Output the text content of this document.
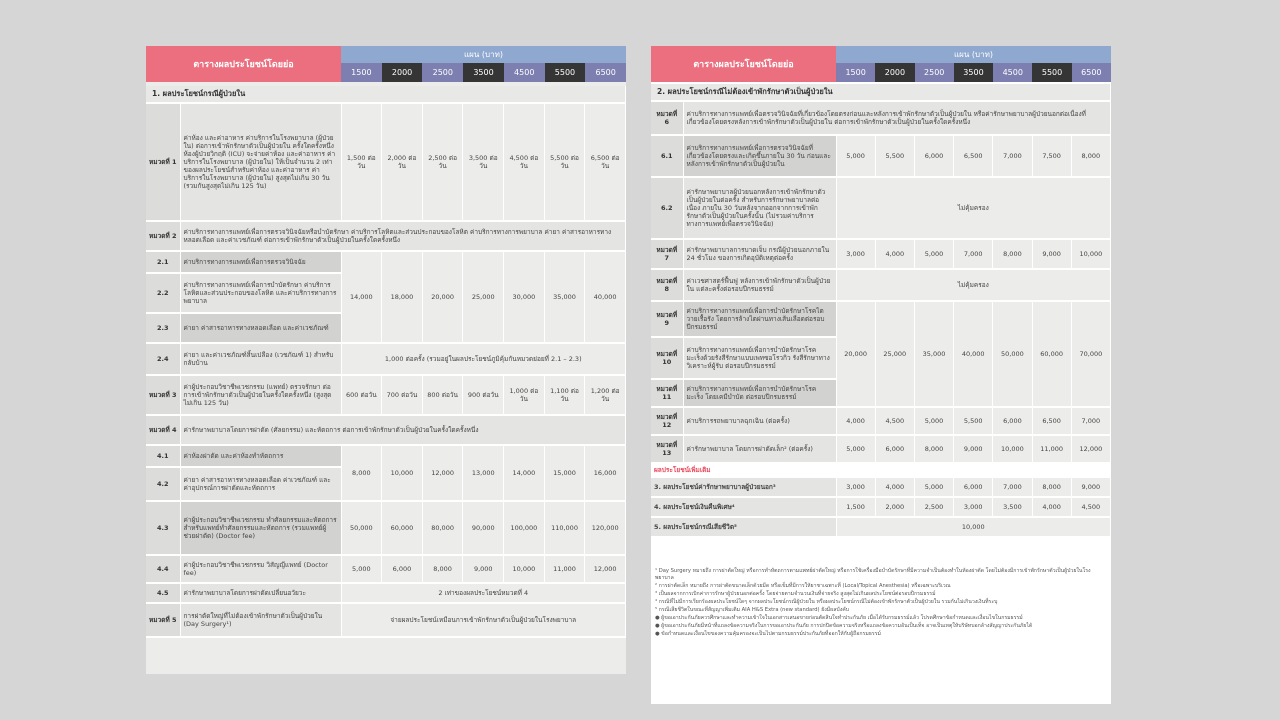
ตารางผลประโยชน์โดยย่อ
แผน (บาท)
1500	2000	2500	3500	4500	5500	6500
1. ผลประโยชน์กรณีผู้ป่วยใน								
หมวดที่ 1	ค่าห้อง และค่าอาหาร ค่าบริการในโรงพยาบาล (ผู้ป่วยใน) ต่อการเข้าพักรักษาตัวเป็นผู้ป่วยใน ครั้งใดครั้งหนึ่ง ห้องผู้ป่วยวิกฤติ (ICU) จะจ่ายค่าห้อง และค่าอาหาร ค่าบริการในโรงพยาบาล (ผู้ป่วยใน) ให้เป็นจำนวน 2 เท่า ของผลประโยชน์สำหรับค่าห้อง และค่าอาหาร ค่าบริการในโรงพยาบาล (ผู้ป่วยใน) สูงสุดไม่เกิน 30 วัน (รวมกันสูงสุดไม่เกิน 125 วัน)	1,500 ต่อวัน	2,000 ต่อวัน	2,500 ต่อวัน	3,500 ต่อวัน	4,500 ต่อวัน	5,500 ต่อวัน	6,500 ต่อวัน
หมวดที่ 2	ค่าบริการทางการแพทย์เพื่อการตรวจวินิจฉัยหรือบำบัดรักษา ค่าบริการโลหิตและส่วนประกอบของโลหิต ค่าบริการทางการพยาบาล ค่ายา ค่าสารอาหารทางหลอดเลือด และค่าเวชภัณฑ์ ต่อการเข้าพักรักษาตัวเป็นผู้ป่วยในครั้งใดครั้งหนึ่ง							
2.1	ค่าบริการทางการแพทย์เพื่อการตรวจวินิจฉัย	14,000	18,000	20,000	25,000	30,000	35,000	40,000
2.2	ค่าบริการทางการแพทย์เพื่อการบำบัดรักษา ค่าบริการโลหิตและส่วนประกอบของโลหิต และค่าบริการทางการพยาบาล							
2.3	ค่ายา ค่าสารอาหารทางหลอดเลือด และค่าเวชภัณฑ์							
2.4	ค่ายา และค่าเวชภัณฑ์สิ้นเปลือง (เวชภัณฑ์ 1) สำหรับกลับบ้าน	1,000 ต่อครั้ง (รวมอยู่ในผลประโยชน์ภูมิคุ้มกันหมวดย่อยที่ 2.1 – 2.3)						
หมวดที่ 3	ค่าผู้ประกอบวิชาชีพเวชกรรม (แพทย์) ตรวจรักษา ต่อการเข้าพักรักษาตัวเป็นผู้ป่วยในครั้งใดครั้งหนึ่ง (สูงสุดไม่เกิน 125 วัน)	600 ต่อวัน	700 ต่อวัน	800 ต่อวัน	900 ต่อวัน	1,000 ต่อวัน	1,100 ต่อวัน	1,200 ต่อวัน
หมวดที่ 4	ค่ารักษาพยาบาลโดยการผ่าตัด (ศัลยกรรม) และหัตถการ ต่อการเข้าพักรักษาตัวเป็นผู้ป่วยในครั้งใดครั้งหนึ่ง							
4.1	ค่าห้องผ่าตัด และค่าห้องทำหัตถการ	8,000	10,000	12,000	13,000	14,000	15,000	16,000
4.2	ค่ายา ค่าสารอาหารทางหลอดเลือด ค่าเวชภัณฑ์ และค่าอุปกรณ์การผ่าตัดและหัตถการ							
4.3	ค่าผู้ประกอบวิชาชีพเวชกรรม ทำศัลยกรรมและหัตถการ สำหรับแพทย์ทำศัลยกรรมและหัตถการ (รวมแพทย์ผู้ช่วยผ่าตัด) (Doctor fee)	50,000	60,000	80,000	90,000	100,000	110,000	120,000
4.4	ค่าผู้ประกอบวิชาชีพเวชกรรม วิสัญญีแพทย์ (Doctor fee)	5,000	6,000	8,000	9,000	10,000	11,000	12,000
4.5	ค่ารักษาพยาบาลโดยการผ่าตัดเปลี่ยนอวัยวะ	2 เท่าของผลประโยชน์หมวดที่ 4						
หมวดที่ 5	การผ่าตัดใหญ่ที่ไม่ต้องเข้าพักรักษาตัวเป็นผู้ป่วยใน (Day Surgery¹)	จ่ายผลประโยชน์เหมือนการเข้าพักรักษาตัวเป็นผู้ป่วยในโรงพยาบาล						
ตารางผลประโยชน์โดยย่อ
แผน (บาท)
1500	2000	2500	3500	4500	5500	6500
2. ผลประโยชน์กรณีไม่ต้องเข้าพักรักษาตัวเป็นผู้ป่วยใน								
หมวดที่ 6	ค่าบริการทางการแพทย์เพื่อตรวจวินิจฉัยที่เกี่ยวข้องโดยตรงก่อนและหลังการเข้าพักรักษาตัวเป็นผู้ป่วยใน หรือค่ารักษาพยาบาลผู้ป่วยนอกต่อเนื่องที่เกี่ยวข้องโดยตรงหลังการเข้าพักรักษาตัวเป็นผู้ป่วยใน ต่อการเข้าพักรักษาตัวเป็นผู้ป่วยในครั้งใดครั้งหนึ่ง							
6.1	ค่าบริการทางการแพทย์เพื่อการตรวจวินิจฉัยที่เกี่ยวข้องโดยตรงและเกิดขึ้นภายใน 30 วัน ก่อนและหลังการเข้าพักรักษาตัวเป็นผู้ป่วยใน	5,000	5,500	6,000	6,500	7,000	7,500	8,000
6.2	ค่ารักษาพยาบาลผู้ป่วยนอกหลังการเข้าพักรักษาตัวเป็นผู้ป่วยในต่อครั้ง สำหรับการรักษาพยาบาลต่อเนื่อง ภายใน 30 วันหลังจากออกจากการเข้าพักรักษาตัวเป็นผู้ป่วยในครั้งนั้น (ไม่รวมค่าบริการทางการแพทย์เพื่อตรวจวินิจฉัย)	ไม่คุ้มครอง						
หมวดที่ 7	ค่ารักษาพยาบาลการบาดเจ็บ กรณีผู้ป่วยนอกภายใน 24 ชั่วโมง ของการเกิดอุบัติเหตุต่อครั้ง	3,000	4,000	5,000	7,000	8,000	9,000	10,000
หมวดที่ 8	ค่าเวชศาสตร์ฟื้นฟู หลังการเข้าพักรักษาตัวเป็นผู้ป่วยใน แต่ละครั้งต่อรอบปีกรมธรรม์	ไม่คุ้มครอง						
หมวดที่ 9	ค่าบริการทางการแพทย์เพื่อการบำบัดรักษาโรคไตวายเรื้อรัง โดยการล้างไตผ่านทางเส้นเลือดต่อรอบปีกรมธรรม์	20,000	25,000	35,000	40,000	50,000	60,000	70,000
หมวดที่ 10	ค่าบริการทางการแพทย์เพื่อการบำบัดรักษาโรคมะเร็งด้วยรังสีรักษาแบบเพทซอโรวกิว รังสีรักษาทางวิเคราะห์ผู้รับ ต่อรอบปีกรมธรรม์							
หมวดที่ 11	ค่าบริการทางการแพทย์เพื่อการบำบัดรักษาโรคมะเร็ง โดยเคมีบำบัด ต่อรอบปีกรมธรรม์							
หมวดที่ 12	ค่าบริการรถพยาบาลฉุกเฉิน (ต่อครั้ง)	4,000	4,500	5,000	5,500	6,000	6,500	7,000
หมวดที่ 13	ค่ารักษาพยาบาล โดยการผ่าตัดเล็ก² (ต่อครั้ง)	5,000	6,000	8,000	9,000	10,000	11,000	12,000
ผลประโยชน์เพิ่มเติม								
3. ผลประโยชน์ค่ารักษาพยาบาลผู้ป่วยนอก³		3,000	4,000	5,000	6,000	7,000	8,000	9,000
4. ผลประโยชน์เงินคืนพิเศษ⁴		1,500	2,000	2,500	3,000	3,500	4,000	4,500
5. ผลประโยชน์กรณีเสียชีวิต⁵		10,000						

¹ Day Surgery หมายถึง การผ่าตัดใหญ่ หรือการทำหัตถการตามแพทย์ผ่าตัดใหญ่ หรือการใช้เครื่องมือบำบัดรักษาที่มีความจำเป็นต้องทำในห้องผ่าตัด โดยไม่ต้องมีการเข้าพักรักษาตัวเป็นผู้ป่วยในโรงพยาบาล

² การผ่าตัดเล็ก หมายถึง การผ่าตัดขนาดเล็กด้วยมีด หรือเข็มที่มีการให้ยาชาเฉพาะที่ (Local/Topical Anesthesia) หรือเฉพาะบริเวณ

³ เป็นผลจากการเบิกค่าการรักษาผู้ป่วยนอกต่อครั้ง โดยจ่ายตามจำนวนเงินที่จ่ายจริง สูงสุดไม่เกินผลประโยชน์ต่อรอบปีกรมธรรม์

⁴ กรณีที่ไม่มีการเรียกร้องผลประโยชน์ใดๆ จากผลประโยชน์กรณีผู้ป่วยใน หรือผลประโยชน์กรณีไม่ต้องเข้าพักรักษาตัวเป็นผู้ป่วยใน รวมกันไม่เกินวงเงินที่ระบุ

⁵ กรณีเสียชีวิตในขณะที่สัญญาเพิ่มเติม AIA H&S Extra (new standard) ยังมีผลบังคับ

● ผู้ขอเอาประกันภัยควรศึกษาและทำความเข้าใจในเอกสารเสนอขายก่อนตัดสินใจทำประกันภัย เมื่อได้รับกรมธรรม์แล้ว โปรดศึกษาข้อกำหนดและเงื่อนไขในกรมธรรม์

● ผู้ขอเอาประกันภัยมีหน้าที่แถลงข้อความจริงในการขอเอาประกันภัย การปกปิดข้อความจริงหรือแถลงข้อความอันเป็นเท็จ อาจเป็นเหตุให้บริษัทบอกล้างสัญญาประกันภัยได้

● ข้อกำหนดและเงื่อนไขของความคุ้มครองจะเป็นไปตามกรมธรรม์ประกันภัยที่ออกให้กับผู้ถือกรมธรรม์
